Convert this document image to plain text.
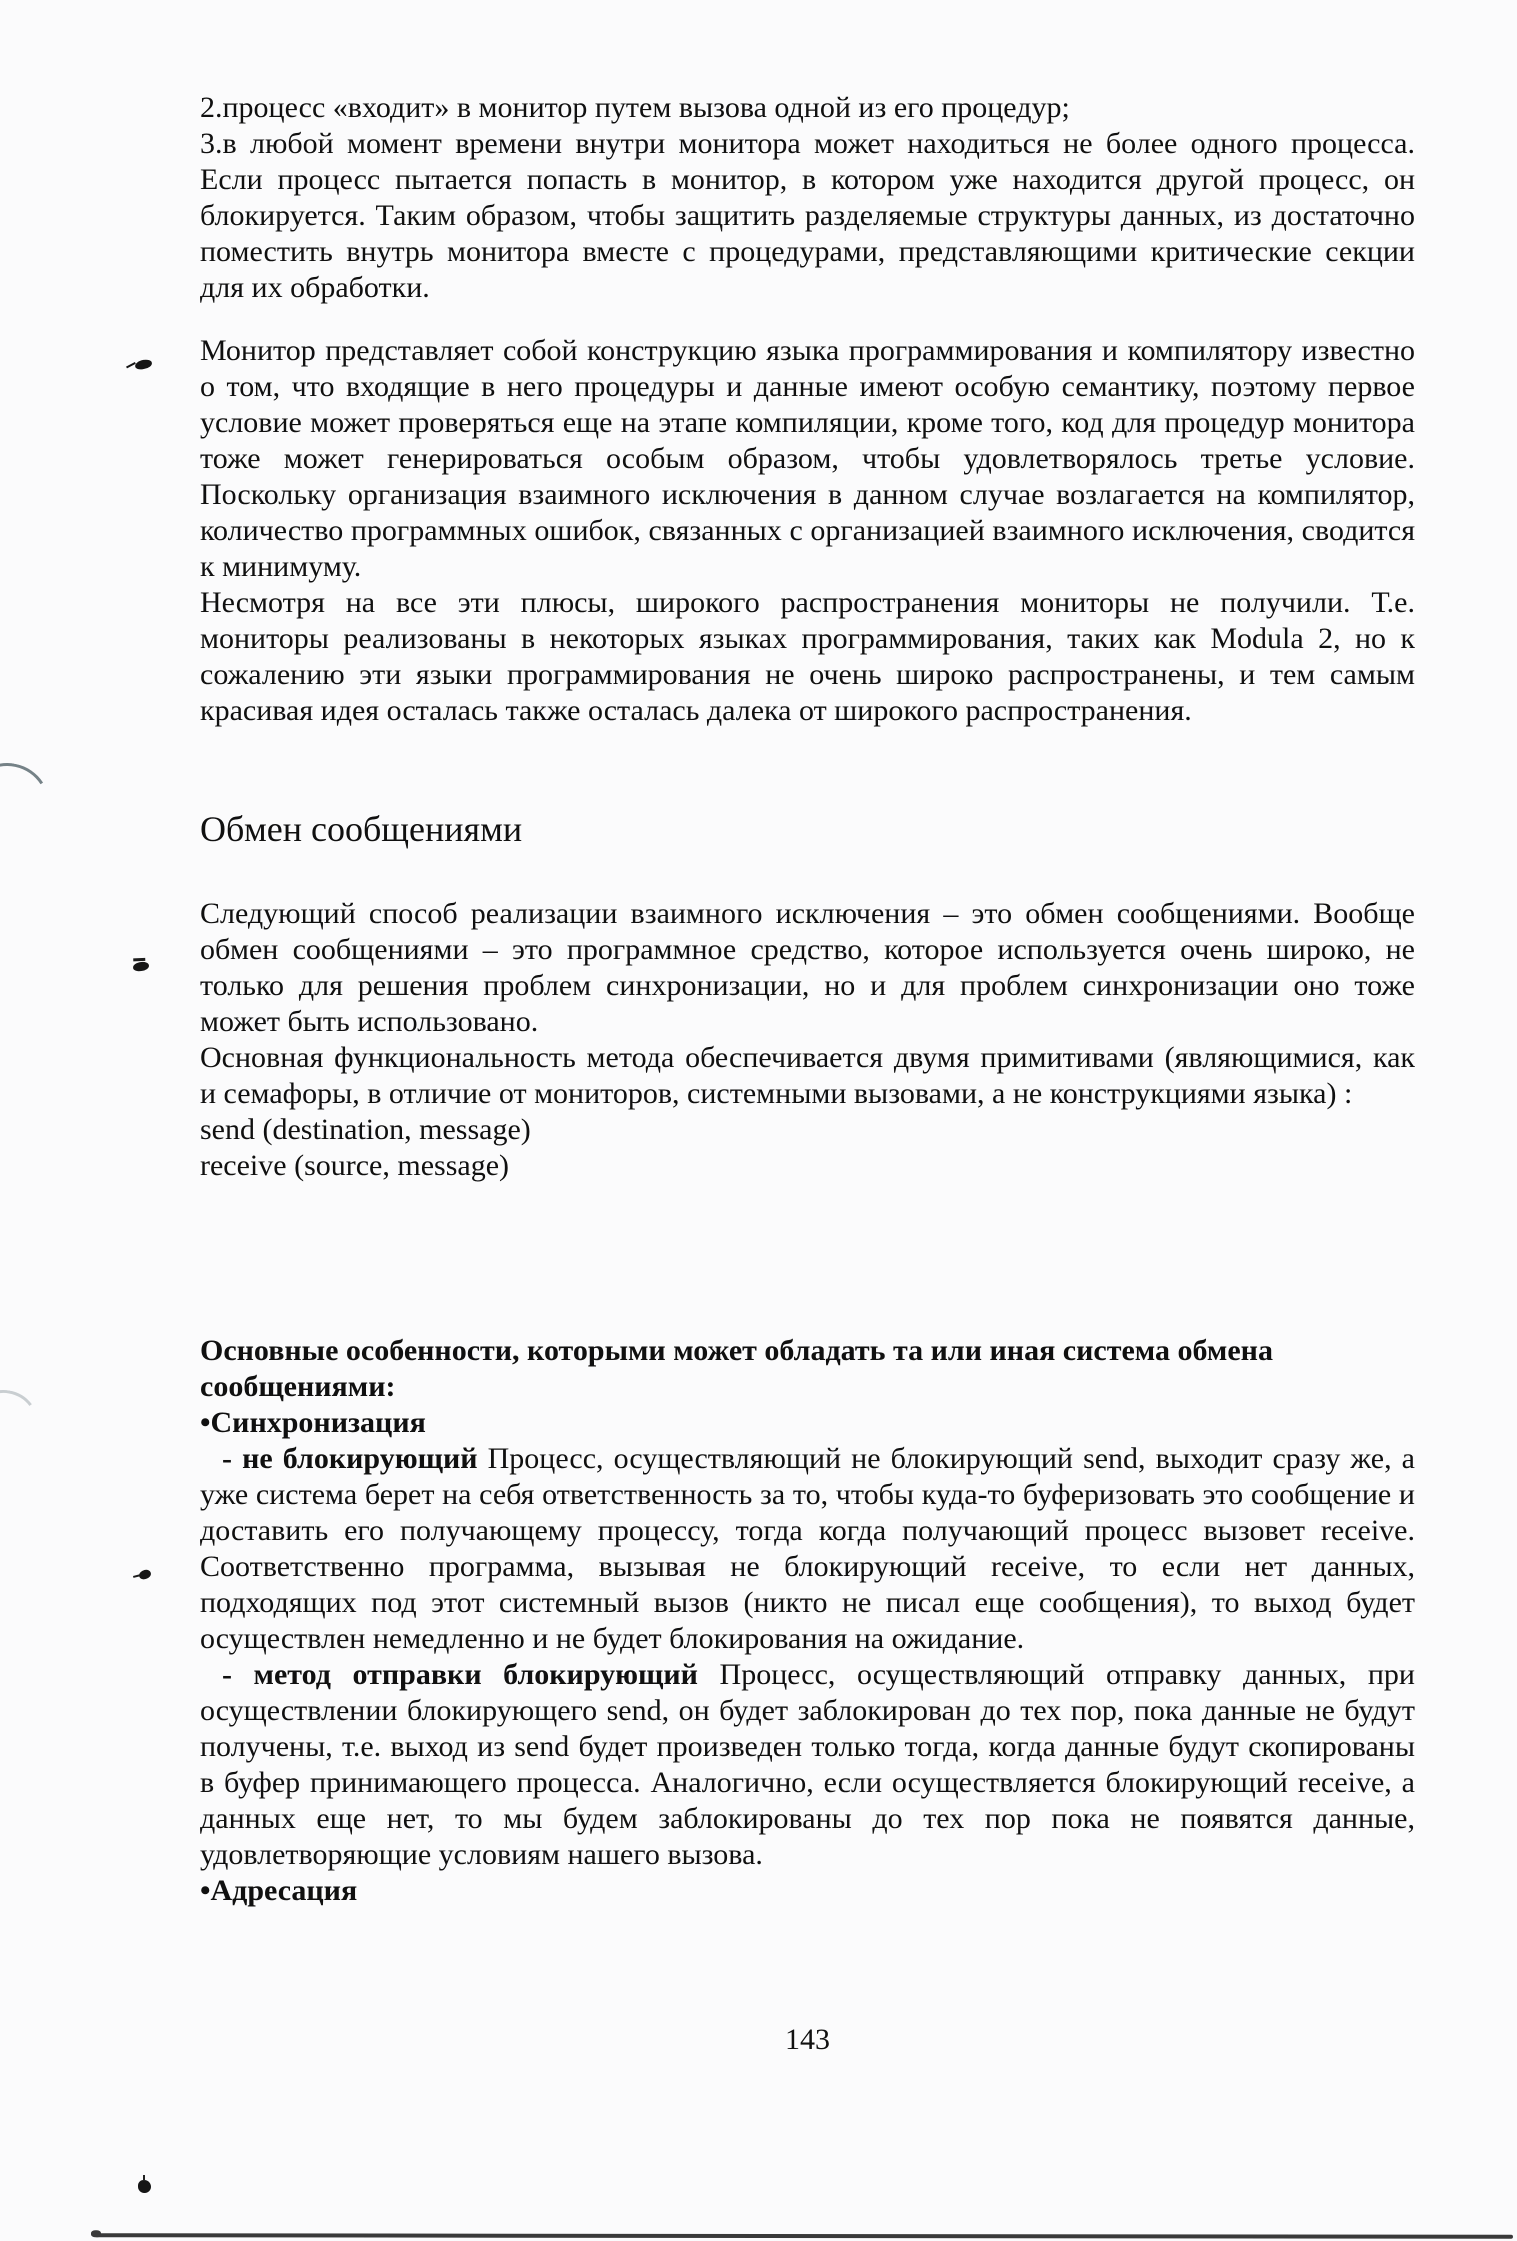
2.процесс «входит» в монитор путем вызова одной из его процедур;

3.в любой момент времени внутри монитора может находиться не более одного процесса. Если процесс пытается попасть в монитор, в котором уже находится другой процесс, он блокируется. Таким образом, чтобы защитить разделяемые структуры данных, из достаточно поместить внутрь монитора вместе с процедурами, представляющими критические секции для их обработки.

Монитор представляет собой конструкцию языка программирования и компилятору известно о том, что входящие в него процедуры и данные имеют особую семантику, поэтому первое условие может проверяться еще на этапе компиляции, кроме того, код для процедур монитора тоже может генерироваться особым образом, чтобы удовлетворялось третье условие. Поскольку организация взаимного исключения в данном случае возлагается на компилятор, количество программных ошибок, связанных с организацией взаимного исключения, сводится к минимуму.

Несмотря на все эти плюсы, широкого распространения мониторы не получили. Т.е. мониторы реализованы в некоторых языках программирования, таких как Modula 2, но к сожалению эти языки программирования не очень широко распространены, и тем самым красивая идея осталась также осталась далека от широкого распространения.

Обмен сообщениями

Следующий способ реализации взаимного исключения – это обмен сообщениями. Вообще обмен сообщениями – это программное средство, которое используется очень широко, не только для решения проблем синхронизации, но и для проблем синхронизации оно тоже может быть использовано.

Основная функциональность метода обеспечивается двумя примитивами (являющимися, как и семафоры, в отличие от мониторов, системными вызовами, а не конструкциями языка) :

send (destination, message)

receive (source, message)

Основные особенности, которыми может обладать та или иная система обмена сообщениями:

•Синхронизация

- не блокирующий Процесс, осуществляющий не блокирующий send, выходит сразу же, а уже система берет на себя ответственность за то, чтобы куда-то буферизовать это сообщение и доставить его получающему процессу, тогда когда получающий процесс вызовет receive. Соответственно программа, вызывая не блокирующий receive, то если нет данных, подходящих под этот системный вызов (никто не писал еще сообщения), то выход будет осуществлен немедленно и не будет блокирования на ожидание.

- метод отправки блокирующий Процесс, осуществляющий отправку данных, при осуществлении блокирующего send, он будет заблокирован до тех пор, пока данные не будут получены, т.е. выход из send будет произведен только тогда, когда данные будут скопированы в буфер принимающего процесса. Аналогично, если осуществляется блокирующий receive, а данных еще нет, то мы будем заблокированы до тех пор пока не появятся данные, удовлетворяющие условиям нашего вызова.

•Адресация

143
